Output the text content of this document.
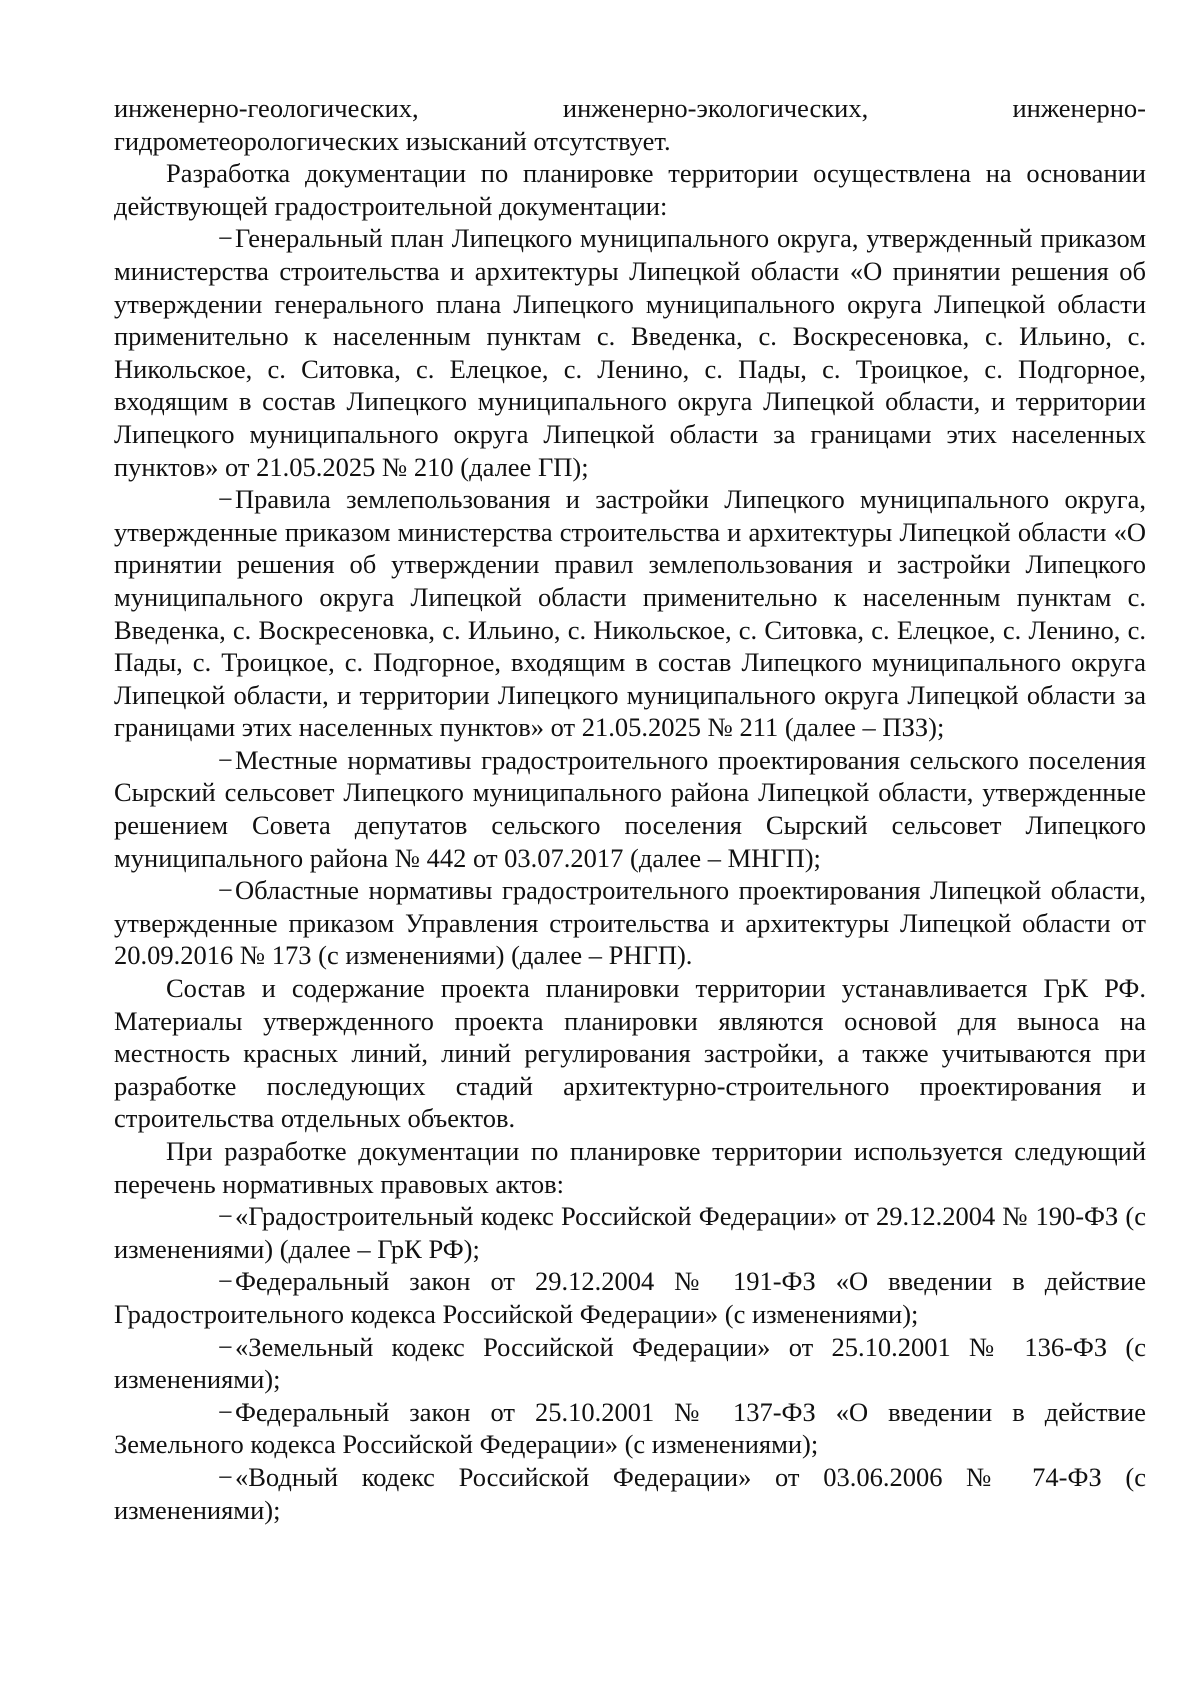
инженерно-геологических, инженерно-экологических, инженерно-гидрометеорологических изысканий отсутствует.

Разработка документации по планировке территории осуществлена на основании действующей градостроительной документации:

−Генеральный план Липецкого муниципального округа, утвержденный приказом министерства строительства и архитектуры Липецкой области «О принятии решения об утверждении генерального плана Липецкого муниципального округа Липецкой области применительно к населенным пунктам с. Введенка, с. Воскресеновка, с. Ильино, с. Никольское, с. Ситовка, с. Елецкое, с. Ленино, с. Пады, с. Троицкое, с. Подгорное, входящим в состав Липецкого муниципального округа Липецкой области, и территории Липецкого муниципального округа Липецкой области за границами этих населенных пунктов» от 21.05.2025 № 210 (далее ГП);

−Правила землепользования и застройки Липецкого муниципального округа, утвержденные приказом министерства строительства и архитектуры Липецкой области «О принятии решения об утверждении правил землепользования и застройки Липецкого муниципального округа Липецкой области применительно к населенным пунктам с. Введенка, с. Воскресеновка, с. Ильино, с. Никольское, с. Ситовка, с. Елецкое, с. Ленино, с. Пады, с. Троицкое, с. Подгорное, входящим в состав Липецкого муниципального округа Липецкой области, и территории Липецкого муниципального округа Липецкой области за границами этих населенных пунктов» от 21.05.2025 № 211 (далее – ПЗЗ);

−Местные нормативы градостроительного проектирования сельского поселения Сырский сельсовет Липецкого муниципального района Липецкой области, утвержденные решением Совета депутатов сельского поселения Сырский сельсовет Липецкого муниципального района № 442 от 03.07.2017 (далее – МНГП);

−Областные нормативы градостроительного проектирования Липецкой области, утвержденные приказом Управления строительства и архитектуры Липецкой области от 20.09.2016 № 173 (с изменениями) (далее – РНГП).

Состав и содержание проекта планировки территории устанавливается ГрК РФ. Материалы утвержденного проекта планировки являются основой для выноса на местность красных линий, линий регулирования застройки, а также учитываются при разработке последующих стадий архитектурно-строительного проектирования и строительства отдельных объектов.

При разработке документации по планировке территории используется следующий перечень нормативных правовых актов:

−«Градостроительный кодекс Российской Федерации» от 29.12.2004 № 190-ФЗ (с изменениями) (далее – ГрК РФ);

−Федеральный закон от 29.12.2004 № 191-ФЗ «О введении в действие Градостроительного кодекса Российской Федерации» (с изменениями);

−«Земельный кодекс Российской Федерации» от 25.10.2001 № 136-ФЗ (с изменениями);

−Федеральный закон от 25.10.2001 № 137-ФЗ «О введении в действие Земельного кодекса Российской Федерации» (с изменениями);

−«Водный кодекс Российской Федерации» от 03.06.2006 № 74-ФЗ (с изменениями);
